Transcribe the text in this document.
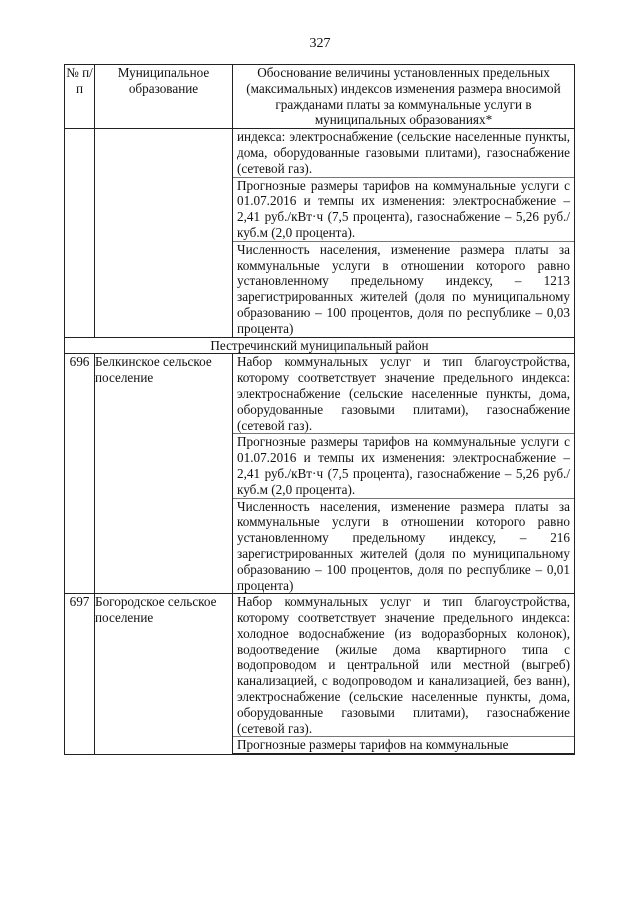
327
№ п/п	Муниципальное образование	Обоснование величины установленных предельных (максимальных) индексов изменения размера вносимой гражданами платы за коммунальные услуги в муниципальных образованиях*

		индекса: электроснабжение (сельские населенные пункты, дома, оборудованные газовыми плитами), газоснабжение (сетевой газ).
Прогнозные размеры тарифов на коммунальные услуги с 01.07.2016 и темпы их изменения: электроснабжение – 2,41 руб./кВт·ч (7,5 процента), газоснабжение – 5,26 руб./куб.м (2,0 процента).
Численность населения, изменение размера платы за коммунальные услуги в отношении которого равно установленному предельному индексу, – 1213 зарегистрированных жителей (доля по муниципальному образованию – 100 процентов, доля по республике – 0,03 процента)

Пестречинский муниципальный район		
696	Белкинское сельское поселение	Набор коммунальных услуг и тип благоустройства, которому соответствует значение предельного индекса: электроснабжение (сельские населенные пункты, дома, оборудованные газовыми плитами), газоснабжение (сетевой газ).
Прогнозные размеры тарифов на коммунальные услуги с 01.07.2016 и темпы их изменения: электроснабжение – 2,41 руб./кВт·ч (7,5 процента), газоснабжение – 5,26 руб./куб.м (2,0 процента).
Численность населения, изменение размера платы за коммунальные услуги в отношении которого равно установленному предельному индексу, – 216 зарегистрированных жителей (доля по муниципальному образованию – 100 процентов, доля по республике – 0,01 процента)

697	Богородское сельское поселение	Набор коммунальных услуг и тип благоустройства, которому соответствует значение предельного индекса: холодное водоснабжение (из водоразборных колонок), водоотведение (жилые дома квартирного типа с водопроводом и центральной или местной (выгреб) канализацией, с водопроводом и канализацией, без ванн), электроснабжение (сельские населенные пункты, дома, оборудованные газовыми плитами), газоснабжение (сетевой газ).
Прогнозные размеры тарифов на коммунальные
